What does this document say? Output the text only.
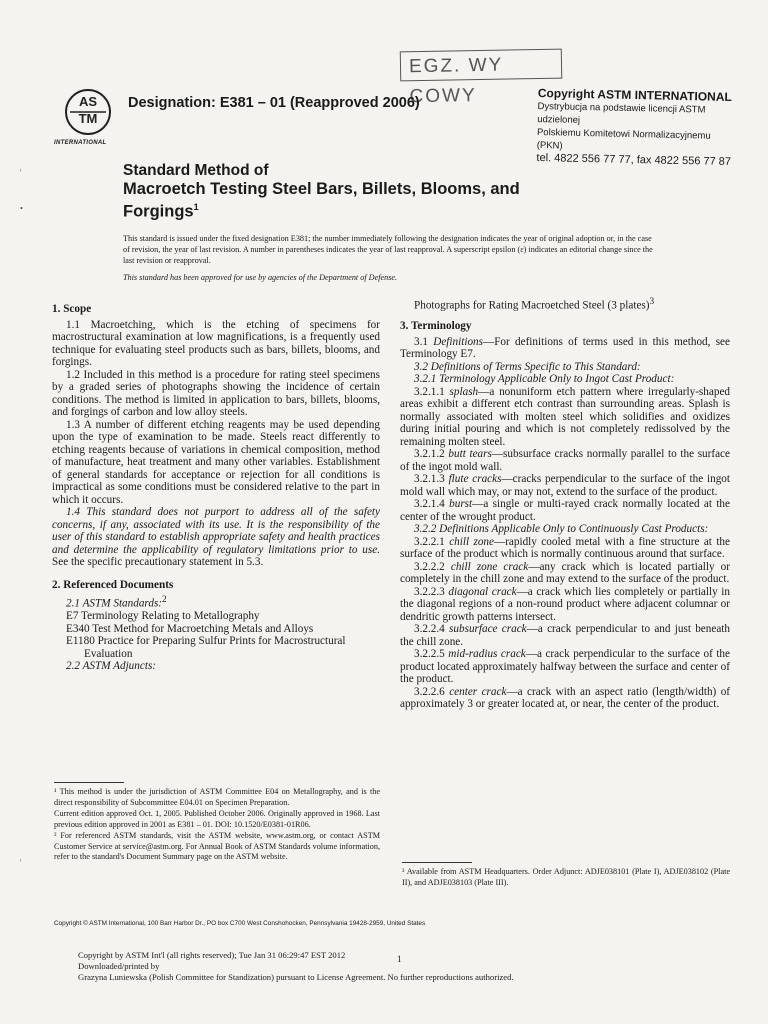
EGZ. WY COWY
AS
TM
INTERNATIONAL
Designation: E381 – 01 (Reapproved 2006)	Copyright ASTM INTERNATIONAL
Dystrybucja na podstawie licencji ASTM udzielonej
Polskiemu Komitetowi Normalizacyjnemu (PKN)
tel. 4822 556 77 77, fax 4822 556 77 87
'
•
'
Standard Method of
Macroetch Testing Steel Bars, Billets, Blooms, and
Forgings$^1$
This standard is issued under the fixed designation E381; the number immediately following the designation indicates the year of original adoption or, in the case of revision, the year of last revision. A number in parentheses indicates the year of last reapproval. A superscript epsilon (ε) indicates an editorial change since the last revision or reapproval.
This standard has been approved for use by agencies of the Department of Defense.

1. Scope

1.1 Macroetching, which is the etching of specimens for macrostructural examination at low magnifications, is a frequently used technique for evaluating steel products such as bars, billets, blooms, and forgings.

1.2 Included in this method is a procedure for rating steel specimens by a graded series of photographs showing the incidence of certain conditions. The method is limited in application to bars, billets, blooms, and forgings of carbon and low alloy steels.

1.3 A number of different etching reagents may be used depending upon the type of examination to be made. Steels react differently to etching reagents because of variations in chemical composition, method of manufacture, heat treatment and many other variables. Establishment of general standards for acceptance or rejection for all conditions is impractical as some conditions must be considered relative to the part in which it occurs.

1.4 This standard does not purport to address all of the safety concerns, if any, associated with its use. It is the responsibility of the user of this standard to establish appropriate safety and health practices and determine the applicability of regulatory limitations prior to use. See the specific precautionary statement in 5.3.

2. Referenced Documents

2.1 ASTM Standards:$^2$

E7 Terminology Relating to Metallography

E340 Test Method for Macroetching Metals and Alloys

E1180 Practice for Preparing Sulfur Prints for Macrostructural Evaluation

2.2 ASTM Adjuncts:

¹ This method is under the jurisdiction of ASTM Committee E04 on Metallography, and is the direct responsibility of Subcommittee E04.01 on Specimen Preparation.

Current edition approved Oct. 1, 2005. Published October 2006. Originally approved in 1968. Last previous edition approved in 2001 as E381 – 01. DOI: 10.1520/E0381-01R06.

² For referenced ASTM standards, visit the ASTM website, www.astm.org, or contact ASTM Customer Service at service@astm.org. For Annual Book of ASTM Standards volume information, refer to the standard's Document Summary page on the ASTM website.

Photographs for Rating Macroetched Steel (3 plates)$^3$

3. Terminology

3.1 Definitions—For definitions of terms used in this method, see Terminology E7.

3.2 Definitions of Terms Specific to This Standard:

3.2.1 Terminology Applicable Only to Ingot Cast Product:

3.2.1.1 splash—a nonuniform etch pattern where irregularly-shaped areas exhibit a different etch contrast than surrounding areas. Splash is normally associated with molten steel which solidifies and oxidizes during initial pouring and which is not completely redissolved by the remaining molten steel.

3.2.1.2 butt tears—subsurface cracks normally parallel to the surface of the ingot mold wall.

3.2.1.3 flute cracks—cracks perpendicular to the surface of the ingot mold wall which may, or may not, extend to the surface of the product.

3.2.1.4 burst—a single or multi-rayed crack normally located at the center of the wrought product.

3.2.2 Definitions Applicable Only to Continuously Cast Products:

3.2.2.1 chill zone—rapidly cooled metal with a fine structure at the surface of the product which is normally continuous around that surface.

3.2.2.2 chill zone crack—any crack which is located partially or completely in the chill zone and may extend to the surface of the product.

3.2.2.3 diagonal crack—a crack which lies completely or partially in the diagonal regions of a non-round product where adjacent columnar or dendritic growth patterns intersect.

3.2.2.4 subsurface crack—a crack perpendicular to and just beneath the chill zone.

3.2.2.5 mid-radius crack—a crack perpendicular to the surface of the product located approximately halfway between the surface and center of the product.

3.2.2.6 center crack—a crack with an aspect ratio (length/width) of approximately 3 or greater located at, or near, the center of the product.

³ Available from ASTM Headquarters. Order Adjunct: ADJE038101 (Plate I), ADJE038102 (Plate II), and ADJE038103 (Plate III).

Copyright © ASTM International, 100 Barr Harbor Dr., PO box C700 West Conshohocken, Pennsylvania 19428-2959, United States
Copyright by ASTM Int'l (all rights reserved); Tue Jan 31 06:29:47 EST 2012
Downloaded/printed by
Grazyna Luniewska (Polish Committee for Standization) pursuant to License Agreement. No further reproductions authorized.
1
